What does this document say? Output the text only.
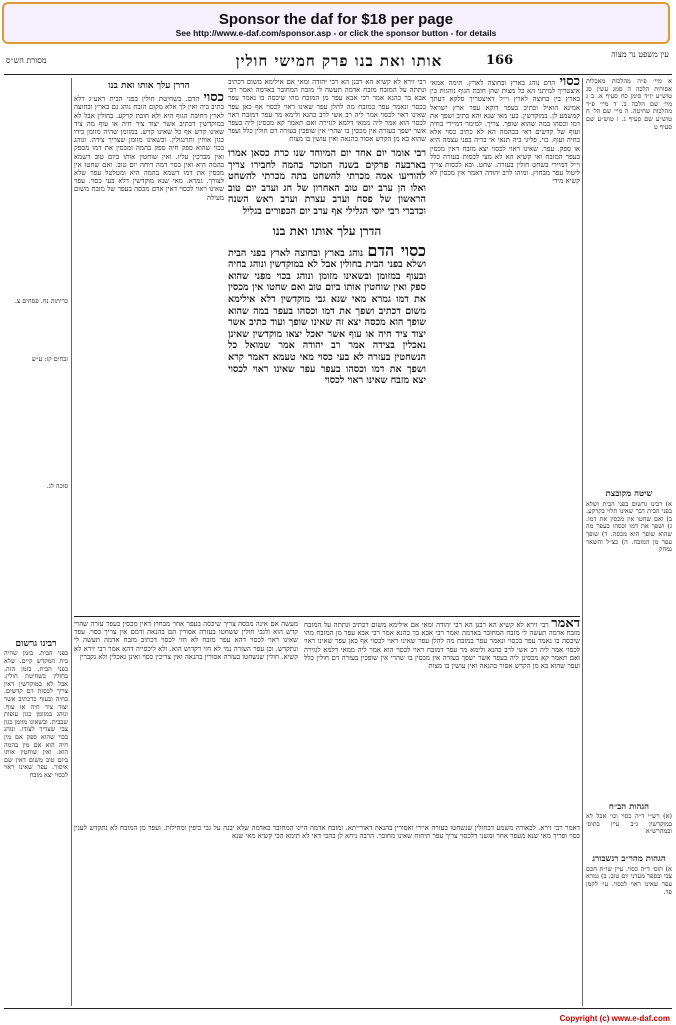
Sponsor the daf for $18 per page
See http://www.e-daf.com/sponsor.asp - or click the sponsor button - for details
166
אותו ואת בנו פרק חמישי חולין
מסורת הש״ס
עין משפט נר מצוה

א מיי׳ פ״ה מהלכות מאכלות אסורות הלכה ה סמג עשין סג טוש״ע יו״ד סימן כח סעיף א. ב ג מיי׳ שם הלכה ב. ד מיי׳ פ״ד מהלכות שחיטה. ה מיי׳ שם הל׳ ח טוש״ע שם סעיף ג. ו טוש״ע שם סעיף ט

שיטה מקובצת

א) רבינו גרשום בפני הבית ושלא בפני הבית דבר שאינו תלוי בקרקע. ב) ואם שחטו אין מכסין את דמו. ג) ושפך את דמו וכסהו בעפר מה שהוא שופך הוא מכסה. ד) שופך עפר מן המזבח. ה) כצ״ל והשאר נמחק

הגהות הב״ח

(א) רש״י ד״ה כסוי וכו׳ אבל לא במוקדשין נ״ב עיין בתוס׳ ובמהרש״א

הגהות מהר״ב רנשבורג

א) תוס׳ ד״ה כסוי. עיין שו״ת חכם צבי ובספר מעדני יום טוב. ב) גמרא עפר שאינו ראוי לכסוי. עי׳ לקמן פד.

כסוי הדם נוהג בארץ ובחוצה לארץ. תימה אמאי איצטריך למיתני הא כל מצות שהן חובת הגוף נוהגות בין בארץ בין בחוצה לארץ וי״ל דאיצטריך סלקא דעתך אמינא הואיל וכתיב בעפר דוקא עפר ארץ ישראל קמשמע לן. במוקדשין. בעי מאי שנא והא כתיב ושפך את דמו וכסהו במה שהוא שופך. צריך. למימר דמיירי בחיה ועוף של קדשים דאי בבהמה הא לא כתיב כסוי אלא בחיה ועוף. כוי. פליגי ביה תנאי אי בריה בפני עצמה היא או ספק. עפר. שאינו ראוי לכסוי יצא מזבח דאין מכסין בעפר המזבח ואי קשיא הא לא מצי לכסות בעזרה כלל וי״ל דמיירי בשחט חולין בעזרה. שחט. ובא לכסות צריך ליטול עפר מבחוץ. ומיהו לרב יהודה דאמר אין מכסין לא קשיא מידי

רבי זירא לא קשיא הא רבנן הא רבי יהודה ומאי אם אילימא משום דכתיב ונתתה על המזבח מזבח אדמה תעשה לי מזבח המחובר באדמה ואמר רבי אבא בר כהנא אמר רבי אבא עפר מן המזבח מהו שיכסה בו נאמר עפר בכסוי ונאמר עפר במזבח מה להלן עפר שאינו ראוי לכסוי אף כאן עפר שאינו ראוי לכסוי אמר ליה רב אשי לרב כהנא ולימא מר עפר דמזבח ראוי לכסוי הוא אמר ליה ממאי דלמא לגזירה ואם תאמר קא מכסינן ליה בעפר אשר ישפך בעזרה אין מכסין בו שהרי אין שופכין בעזרה דם חולין כלל ועפר שהוא בא מן הקדש אסור בהנאה ואין עושין בו מצות

רבי אומר יום אחד יום המיוחד שנו כרת כסאן אמרו בארבעה פרקים בשנה המוכר בהמה לחבירו צריך להודיעו אמה מכרתי להשחט בתה מכרתי להשחט ואלו הן ערב יום טוב האחרון של חג וערב יום טוב הראשון של פסח וערב עצרת וערב ראש השנה וכדברי רבי יוסי הגלילי אף ערב יום הכפורים בגליל

הדרן עלך אותו ואת בנו

כסוי הדם נוהג בארץ ובחוצה לארץ בפני הבית ושלא בפני הבית בחולין אבל לא במוקדשין ונוהג בחיה ובעוף במזומן ובשאינו מזומן ונוהג בכוי מפני שהוא ספק ואין שוחטין אותו ביום טוב ואם שחטו אין מכסין את דמו גמרא מאי שנא גבי מוקדשין דלא אילימא משום דכתיב ושפך את דמו וכסהו בעפר במה שהוא שופך הוא מכסה יצא זה שאינו שופך ועוד כתיב אשר יצוד ציד חיה או עוף אשר יאכל יצאו מוקדשין שאינן נאכלין בצידה אמר רב יהודה אמר שמואל כל הנשחטין בעזרה לא בעי כסוי מאי טעמא דאמר קרא ושפך את דמו וכסהו בעפר עפר שאינו ראוי לכסוי יצא מזבח שאינו ראוי לכסוי

הדרן עלך אותו ואת בנו

כסוי הדם. בשחיטת חולין בפני הבית דאע״ג דלא כתיב ביה ואין לך אלא מקום הזבח נוהג גם בארץ ובחוצה לארץ דחובת הגוף היא ולא חובת קרקע. בחולין אבל לא במוקדשין דכתיב אשר יצוד ציד חיה או עוף מה ציד שאינו קדש אף כל שאינו קדש. במזומן שהיה מזומן בידו כגון אווזין ותרנגולין. ובשאינו מזומן שצריך צידה. ונוהג בכוי שהוא ספק חיה ספק בהמה ומכסין את דמו מספק ואין מברכין עליו. ואין שוחטין אותו ביום טוב דשמא בהמה היא ואין כסוי דמה דוחה יום טוב. ואם שחטו אין מכסין את דמו דשמא בהמה היא ומטלטל עפר שלא לצורך. גמרא. מאי שנא מוקדשין דלא בעי כסוי. עפר שאינו ראוי לכסוי דאין אדם מכסה בעפר של מזבח משום מעילה

כריתות נח. פסחים צ.

זבחים קז: ע״ש

סוכה לג.

רבינו גרשום

בפני הבית. בזמן שהיה בית המקדש קיים. שלא בפני הבית. בזמן הזה. בחולין בשחיטת חולין. אבל לא במוקדשין דאין צריך לכסות דם קדשים. בחיה ובעוף כדכתיב אשר יצוד ציד חיה או עוף. ונוהג במזומן כגון עופות שבבית. ובשאינו מזומן כגון צבי שצריך לצודו. ונוהג בכוי שהוא ספק אם מין חיה הוא אם מין בהמה הוא. ואין שוחטין אותו ביום טוב משום דאין שם איסור. עפר שאינו ראוי לכסוי יצא מזבח

דאמר רבי זירא לא קשיא הא רבנן הא רבי יהודה ומאי אם אילימא משום דכתיב ונתתה על המזבח מזבח אדמה תעשה לי מזבח המחובר באדמה ואמר רבי אבא בר כהנא אמר רבי אבא עפר מן המזבח מהו שיכסה בו נאמר עפר בכסוי ונאמר עפר במזבח מה להלן עפר שאינו ראוי לכסוי אף כאן עפר שאינו ראוי לכסוי אמר ליה רב אשי לרב כהנא ולימא מר עפר דמזבח ראוי לכסוי הוא אמר ליה ממאי דלמא לגזירה ואם תאמר קא מכסינן ליה בעפר אשר ישפך בעזרה אין מכסין בו שהרי אין שופכין בעזרה דם חולין כלל ועפר שהוא בא מן הקדש אסור בהנאה ואין עושין בו מצות

מעשה אם אינה מכסה צריך שיכסה בעפר אחר מבחוץ דאין מכסין בעפר עזרה שהרי קדש הוא ולגבי חולין ששחטו בעזרה אסורין הם בהנאה ודמם אין צריך כסוי. עפר שאינו ראוי לכסוי דהא עפר מזבח לא חזי לכסוי דכתיב מזבח אדמה תעשה לי ונתקדש. וכן עפר העזרה נמי לא חזי דקדוש הוא. ולא ליכסייה דהא אמר רבי זירא לא קשיא. חולין שנשחטו בעזרה אסורין בהנאה ואין צריכין כסוי ואינן נאכלין ולא נקברין

דאמר רבי זירא. לכאורה משמע דבחולין שנשחטו בעזרה איירי ואסורין בהנאה דאורייתא. ומזבח אדמה היינו המחובר באדמה שלא יבנה על גבי כיפין ומחילות. ועפר מן המזבח לא נתקדש לענין כסוי ופריך מאי שנא מעפר אחר ומשני דלכסוי צריך עפר תיחוח שאינו מחובר. הרבה ניחא לן בהכי דאי לא תימא הכי קשיא מאי שנא

Copyright (c) www.e-daf.com
